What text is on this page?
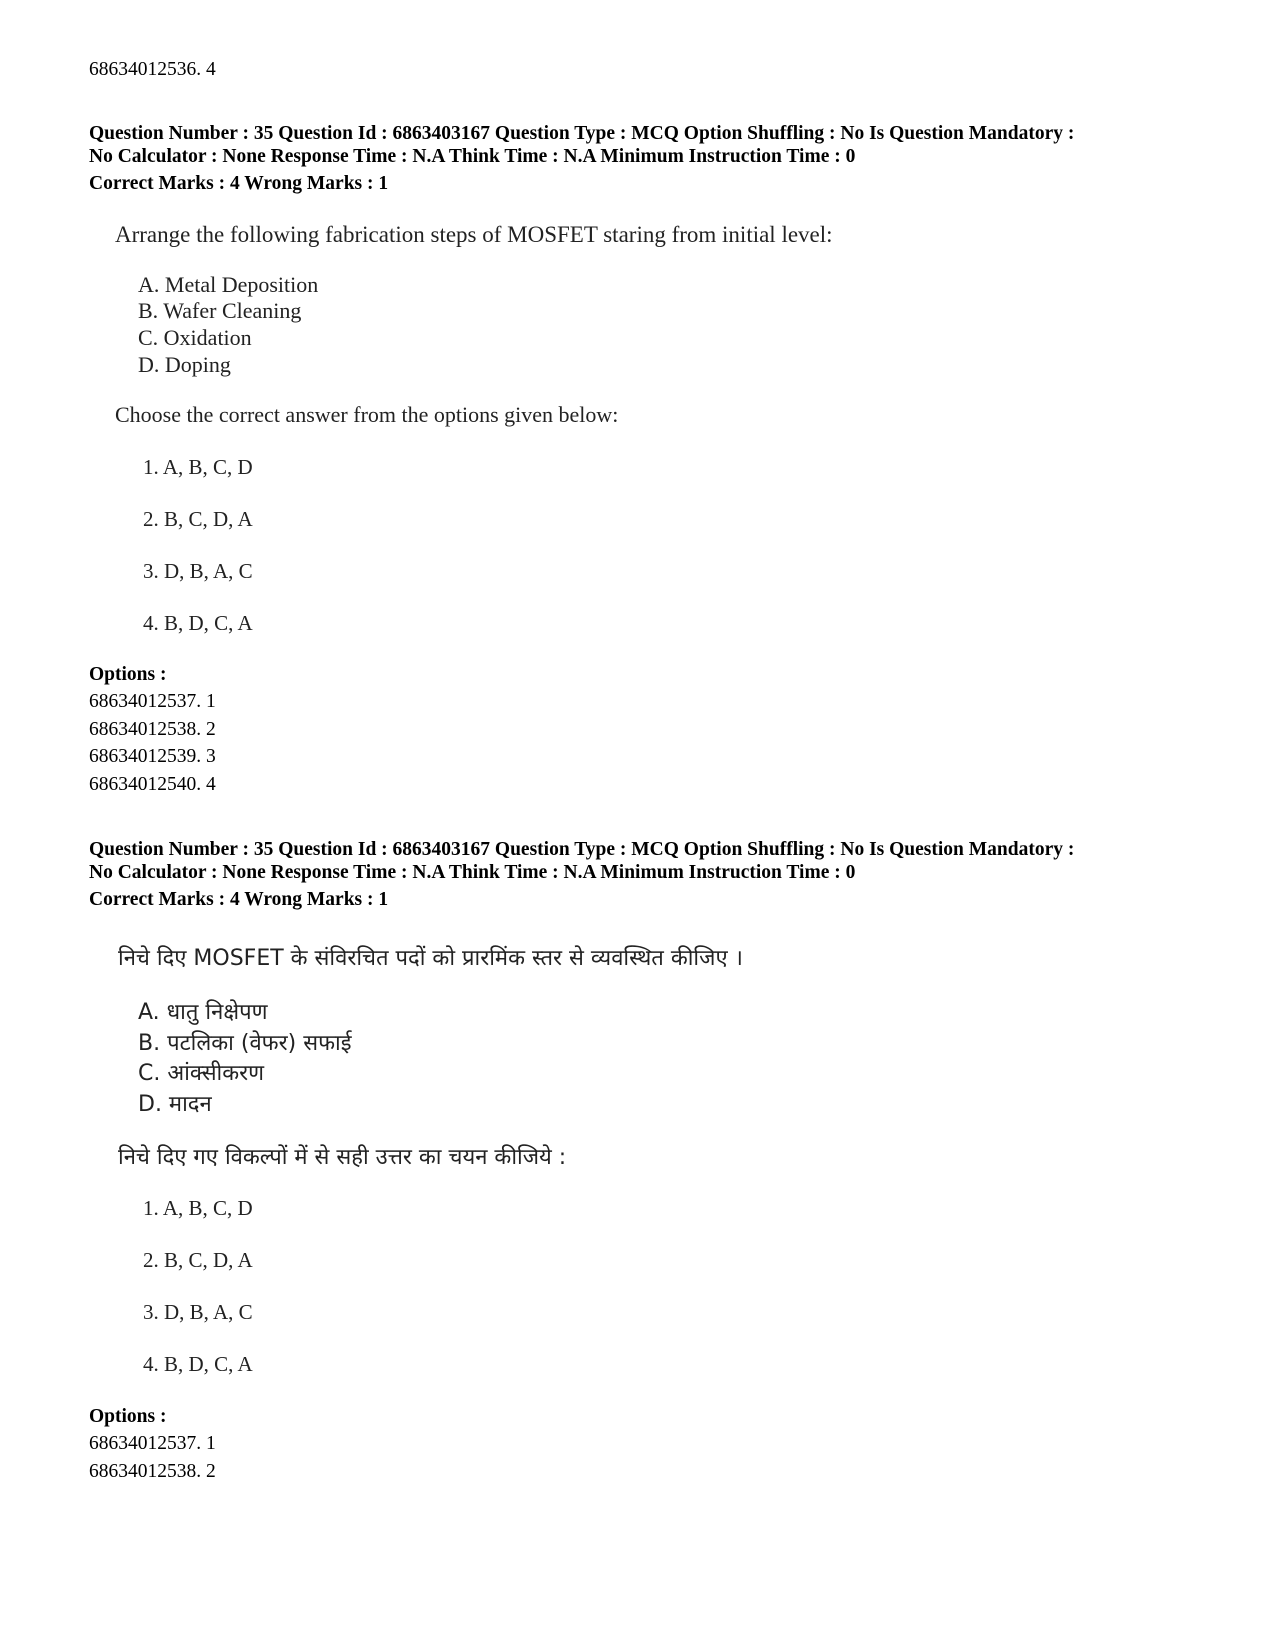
68634012536. 4
Question Number : 35 Question Id : 6863403167 Question Type : MCQ Option Shuffling : No Is Question Mandatory :
No Calculator : None Response Time : N.A Think Time : N.A Minimum Instruction Time : 0
Correct Marks : 4 Wrong Marks : 1
Arrange the following fabrication steps of MOSFET staring from initial level:
A. Metal Deposition
B. Wafer Cleaning
C. Oxidation
D. Doping
Choose the correct answer from the options given below:
1. A, B, C, D
2. B, C, D, A
3. D, B, A, C
4. B, D, C, A
Options :
68634012537. 1
68634012538. 2
68634012539. 3
68634012540. 4
Question Number : 35 Question Id : 6863403167 Question Type : MCQ Option Shuffling : No Is Question Mandatory :
No Calculator : None Response Time : N.A Think Time : N.A Minimum Instruction Time : 0
Correct Marks : 4 Wrong Marks : 1
निचे दिए MOSFET के संविरचित पदों को प्रारमिंक स्तर से व्यवस्थित कीजिए ।
A. धातु निक्षेपण
B. पटलिका (वेफर) सफाई
C. आंक्सीकरण
D. मादन
निचे दिए गए विकल्पों में से सही उत्तर का चयन कीजिये :
1. A, B, C, D
2. B, C, D, A
3. D, B, A, C
4. B, D, C, A
Options :
68634012537. 1
68634012538. 2
